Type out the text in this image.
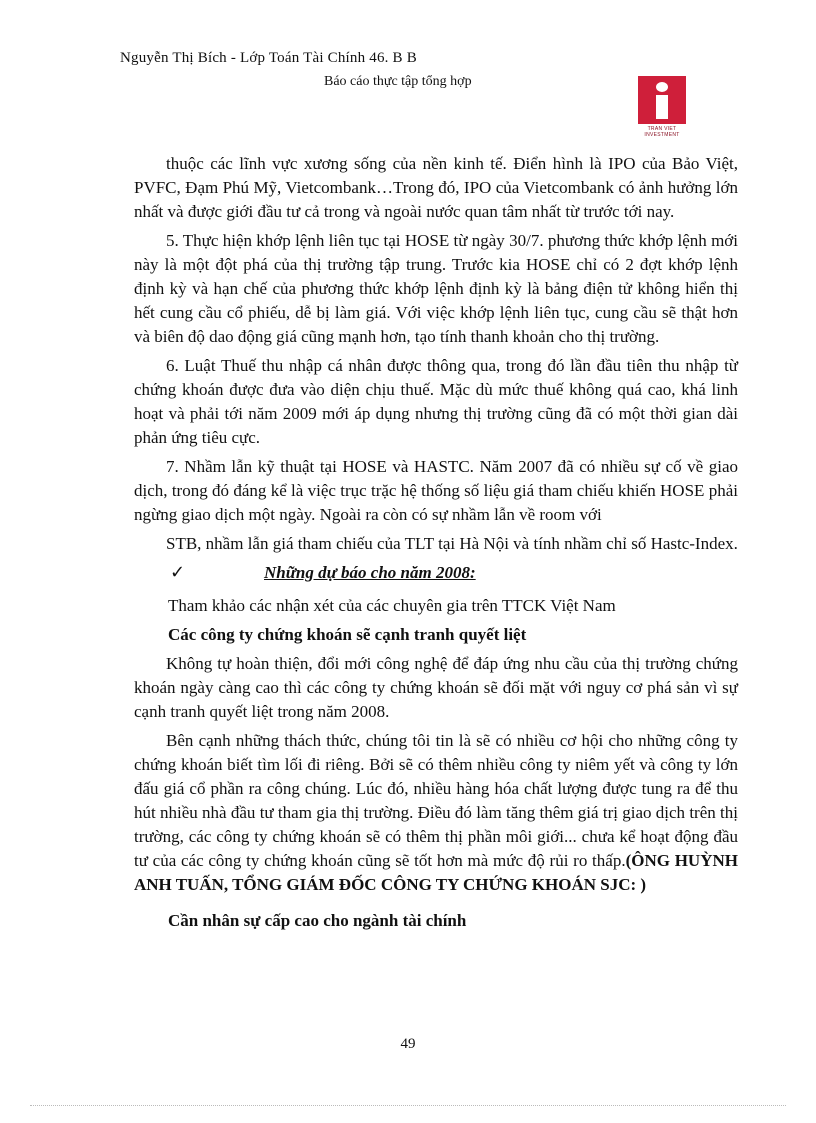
Nguyễn Thị Bích - Lớp Toán Tài Chính 46. B B
Báo cáo thực tập tổng hợp
TRAN VIET INVESTMENT

thuộc các lĩnh vực xương sống của nền kinh tế. Điển hình là IPO của Bảo Việt, PVFC, Đạm Phú Mỹ, Vietcombank…Trong đó, IPO của Vietcombank có ảnh hưởng lớn nhất và được giới đầu tư cả trong và ngoài nước quan tâm nhất từ trước tới nay.

5. Thực hiện khớp lệnh liên tục tại HOSE từ ngày 30/7. phương thức khớp lệnh mới này là một đột phá của thị trường tập trung. Trước kia HOSE chỉ có 2 đợt khớp lệnh định kỳ và hạn chế của phương thức khớp lệnh định kỳ là bảng điện tử không hiển thị hết cung cầu cổ phiếu, dễ bị làm giá. Với việc khớp lệnh liên tục, cung cầu sẽ thật hơn và biên độ dao động giá cũng mạnh hơn, tạo tính thanh khoản cho thị trường.

6. Luật Thuế thu nhập cá nhân được thông qua, trong đó lần đầu tiên thu nhập từ chứng khoán được đưa vào diện chịu thuế. Mặc dù mức thuế không quá cao, khá linh hoạt và phải tới năm 2009 mới áp dụng nhưng thị trường cũng đã có một thời gian dài phản ứng tiêu cực.

7. Nhầm lẫn kỹ thuật tại HOSE và HASTC. Năm 2007 đã có nhiều sự cố về giao dịch, trong đó đáng kể là việc trục trặc hệ thống số liệu giá tham chiếu khiến HOSE phải ngừng giao dịch một ngày. Ngoài ra còn có sự nhầm lẫn về room với

STB, nhầm lẫn giá tham chiếu của TLT tại Hà Nội và tính nhầm chỉ số Hastc-Index.

✓	Những dự báo cho năm 2008:

Tham khảo các nhận xét của các chuyên gia trên TTCK Việt Nam

Các công ty chứng khoán sẽ cạnh tranh quyết liệt

Không tự hoàn thiện, đổi mới công nghệ để đáp ứng nhu cầu của thị trường chứng khoán ngày càng cao thì các công ty chứng khoán sẽ đối mặt với nguy cơ phá sản vì sự cạnh tranh quyết liệt trong năm 2008.

Bên cạnh những thách thức, chúng tôi tin là sẽ có nhiều cơ hội cho những công ty chứng khoán biết tìm lối đi riêng. Bởi sẽ có thêm nhiều công ty niêm yết và công ty lớn đấu giá cổ phần ra công chúng. Lúc đó, nhiều hàng hóa chất lượng được tung ra để thu hút nhiều nhà đầu tư tham gia thị trường. Điều đó làm tăng thêm giá trị giao dịch trên thị trường, các công ty chứng khoán sẽ có thêm thị phần môi giới... chưa kể hoạt động đầu tư của các công ty chứng khoán cũng sẽ tốt hơn mà mức độ rủi ro thấp.(ÔNG HUỲNH ANH TUẤN, TỔNG GIÁM ĐỐC CÔNG TY CHỨNG KHOÁN SJC: )

Cần nhân sự cấp cao cho ngành tài chính

49
